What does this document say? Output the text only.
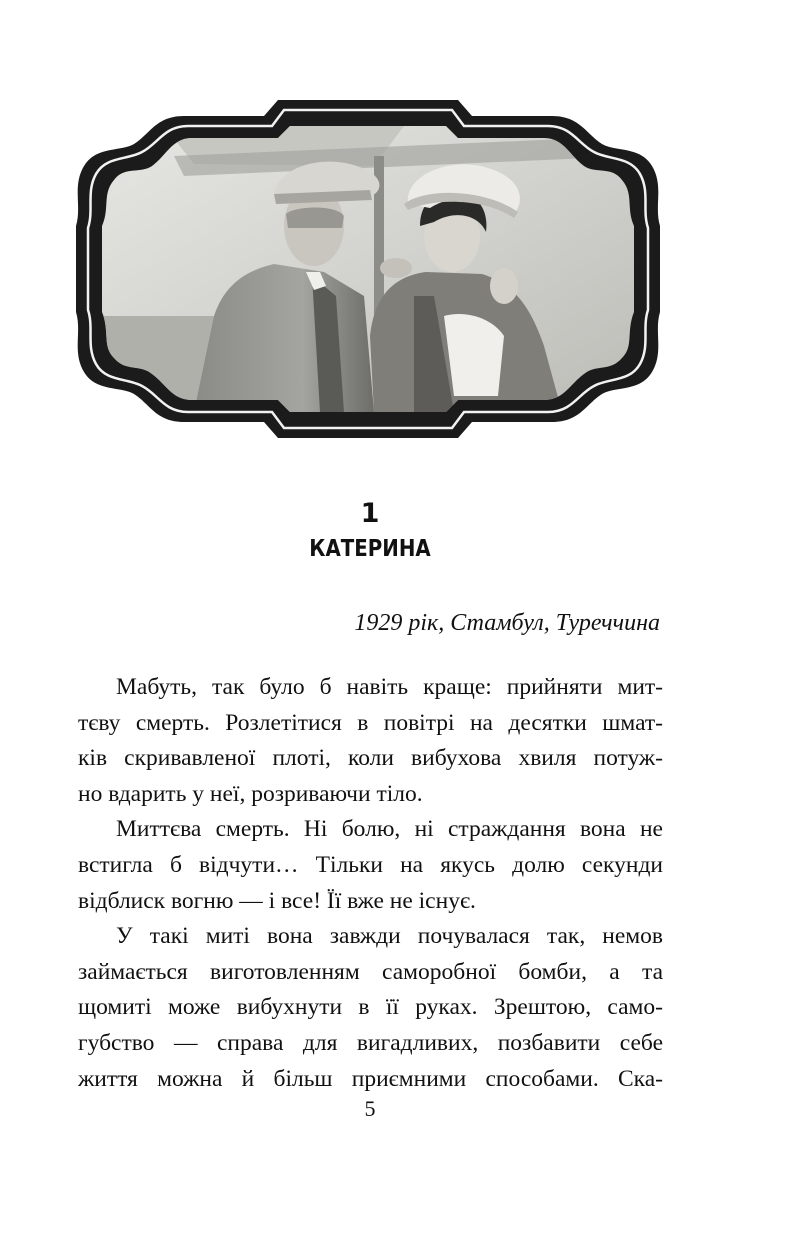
1
КАТЕРИНА
1929 рік, Стамбул, Туреччина
Мабуть, так було б навіть краще: прийняти мит-
тєву смерть. Розлетітися в повітрі на десятки шмат-
ків скривавленої плоті, коли вибухова хвиля потуж-
но вдарить у неї, розриваючи тіло.
Миттєва смерть. Ні болю, ні страждання вона не
встигла б відчути… Тільки на якусь долю секунди
відблиск вогню — і все! Її вже не існує.
У такі миті вона завжди почувалася так, немов
займається виготовленням саморобної бомби, а та
щомиті може вибухнути в її руках. Зрештою, само-
губство — справа для вигадливих, позбавити себе
життя можна й більш приємними способами. Ска-
5
